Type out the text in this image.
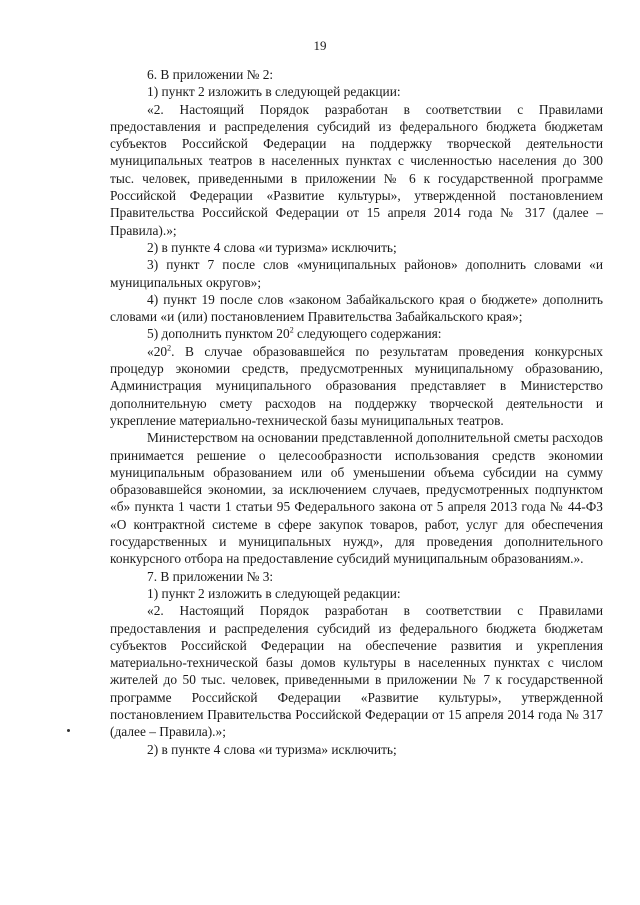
19

6. В приложении № 2:

1) пункт 2 изложить в следующей редакции:

«2. Настоящий Порядок разработан в соответствии с Правилами предоставления и распределения субсидий из федерального бюджета бюджетам субъектов Российской Федерации на поддержку творческой деятельности муниципальных театров в населенных пунктах с численностью населения до 300 тыс. человек, приведенными в приложении № 6 к государственной программе Российской Федерации «Развитие культуры», утвержденной постановлением Правительства Российской Федерации от 15 апреля 2014 года № 317 (далее – Правила).»;

2) в пункте 4 слова «и туризма» исключить;

3) пункт 7 после слов «муниципальных районов» дополнить словами «и муниципальных округов»;

4) пункт 19 после слов «законом Забайкальского края о бюджете» дополнить словами «и (или) постановлением Правительства Забайкальского края»;

5) дополнить пунктом $20^2$ следующего содержания:

«$20^2$. В случае образовавшейся по результатам проведения конкурсных процедур экономии средств, предусмотренных муниципальному образованию, Администрация муниципального образования представляет в Министерство дополнительную смету расходов на поддержку творческой деятельности и укрепление материально-технической базы муниципальных театров.

Министерством на основании представленной дополнительной сметы расходов принимается решение о целесообразности использования средств экономии муниципальным образованием или об уменьшении объема субсидии на сумму образовавшейся экономии, за исключением случаев, предусмотренных подпунктом «б» пункта 1 части 1 статьи 95 Федерального закона от 5 апреля 2013 года № 44-ФЗ «О контрактной системе в сфере закупок товаров, работ, услуг для обеспечения государственных и муниципальных нужд», для проведения дополнительного конкурсного отбора на предоставление субсидий муниципальным образованиям.».

7. В приложении № 3:

1) пункт 2 изложить в следующей редакции:

«2. Настоящий Порядок разработан в соответствии с Правилами предоставления и распределения субсидий из федерального бюджета бюджетам субъектов Российской Федерации на обеспечение развития и укрепления материально-технической базы домов культуры в населенных пунктах с числом жителей до 50 тыс. человек, приведенными в приложении № 7 к государственной программе Российской Федерации «Развитие культуры», утвержденной постановлением Правительства Российской Федерации от 15 апреля 2014 года № 317 (далее – Правила).»;

2) в пункте 4 слова «и туризма» исключить;
